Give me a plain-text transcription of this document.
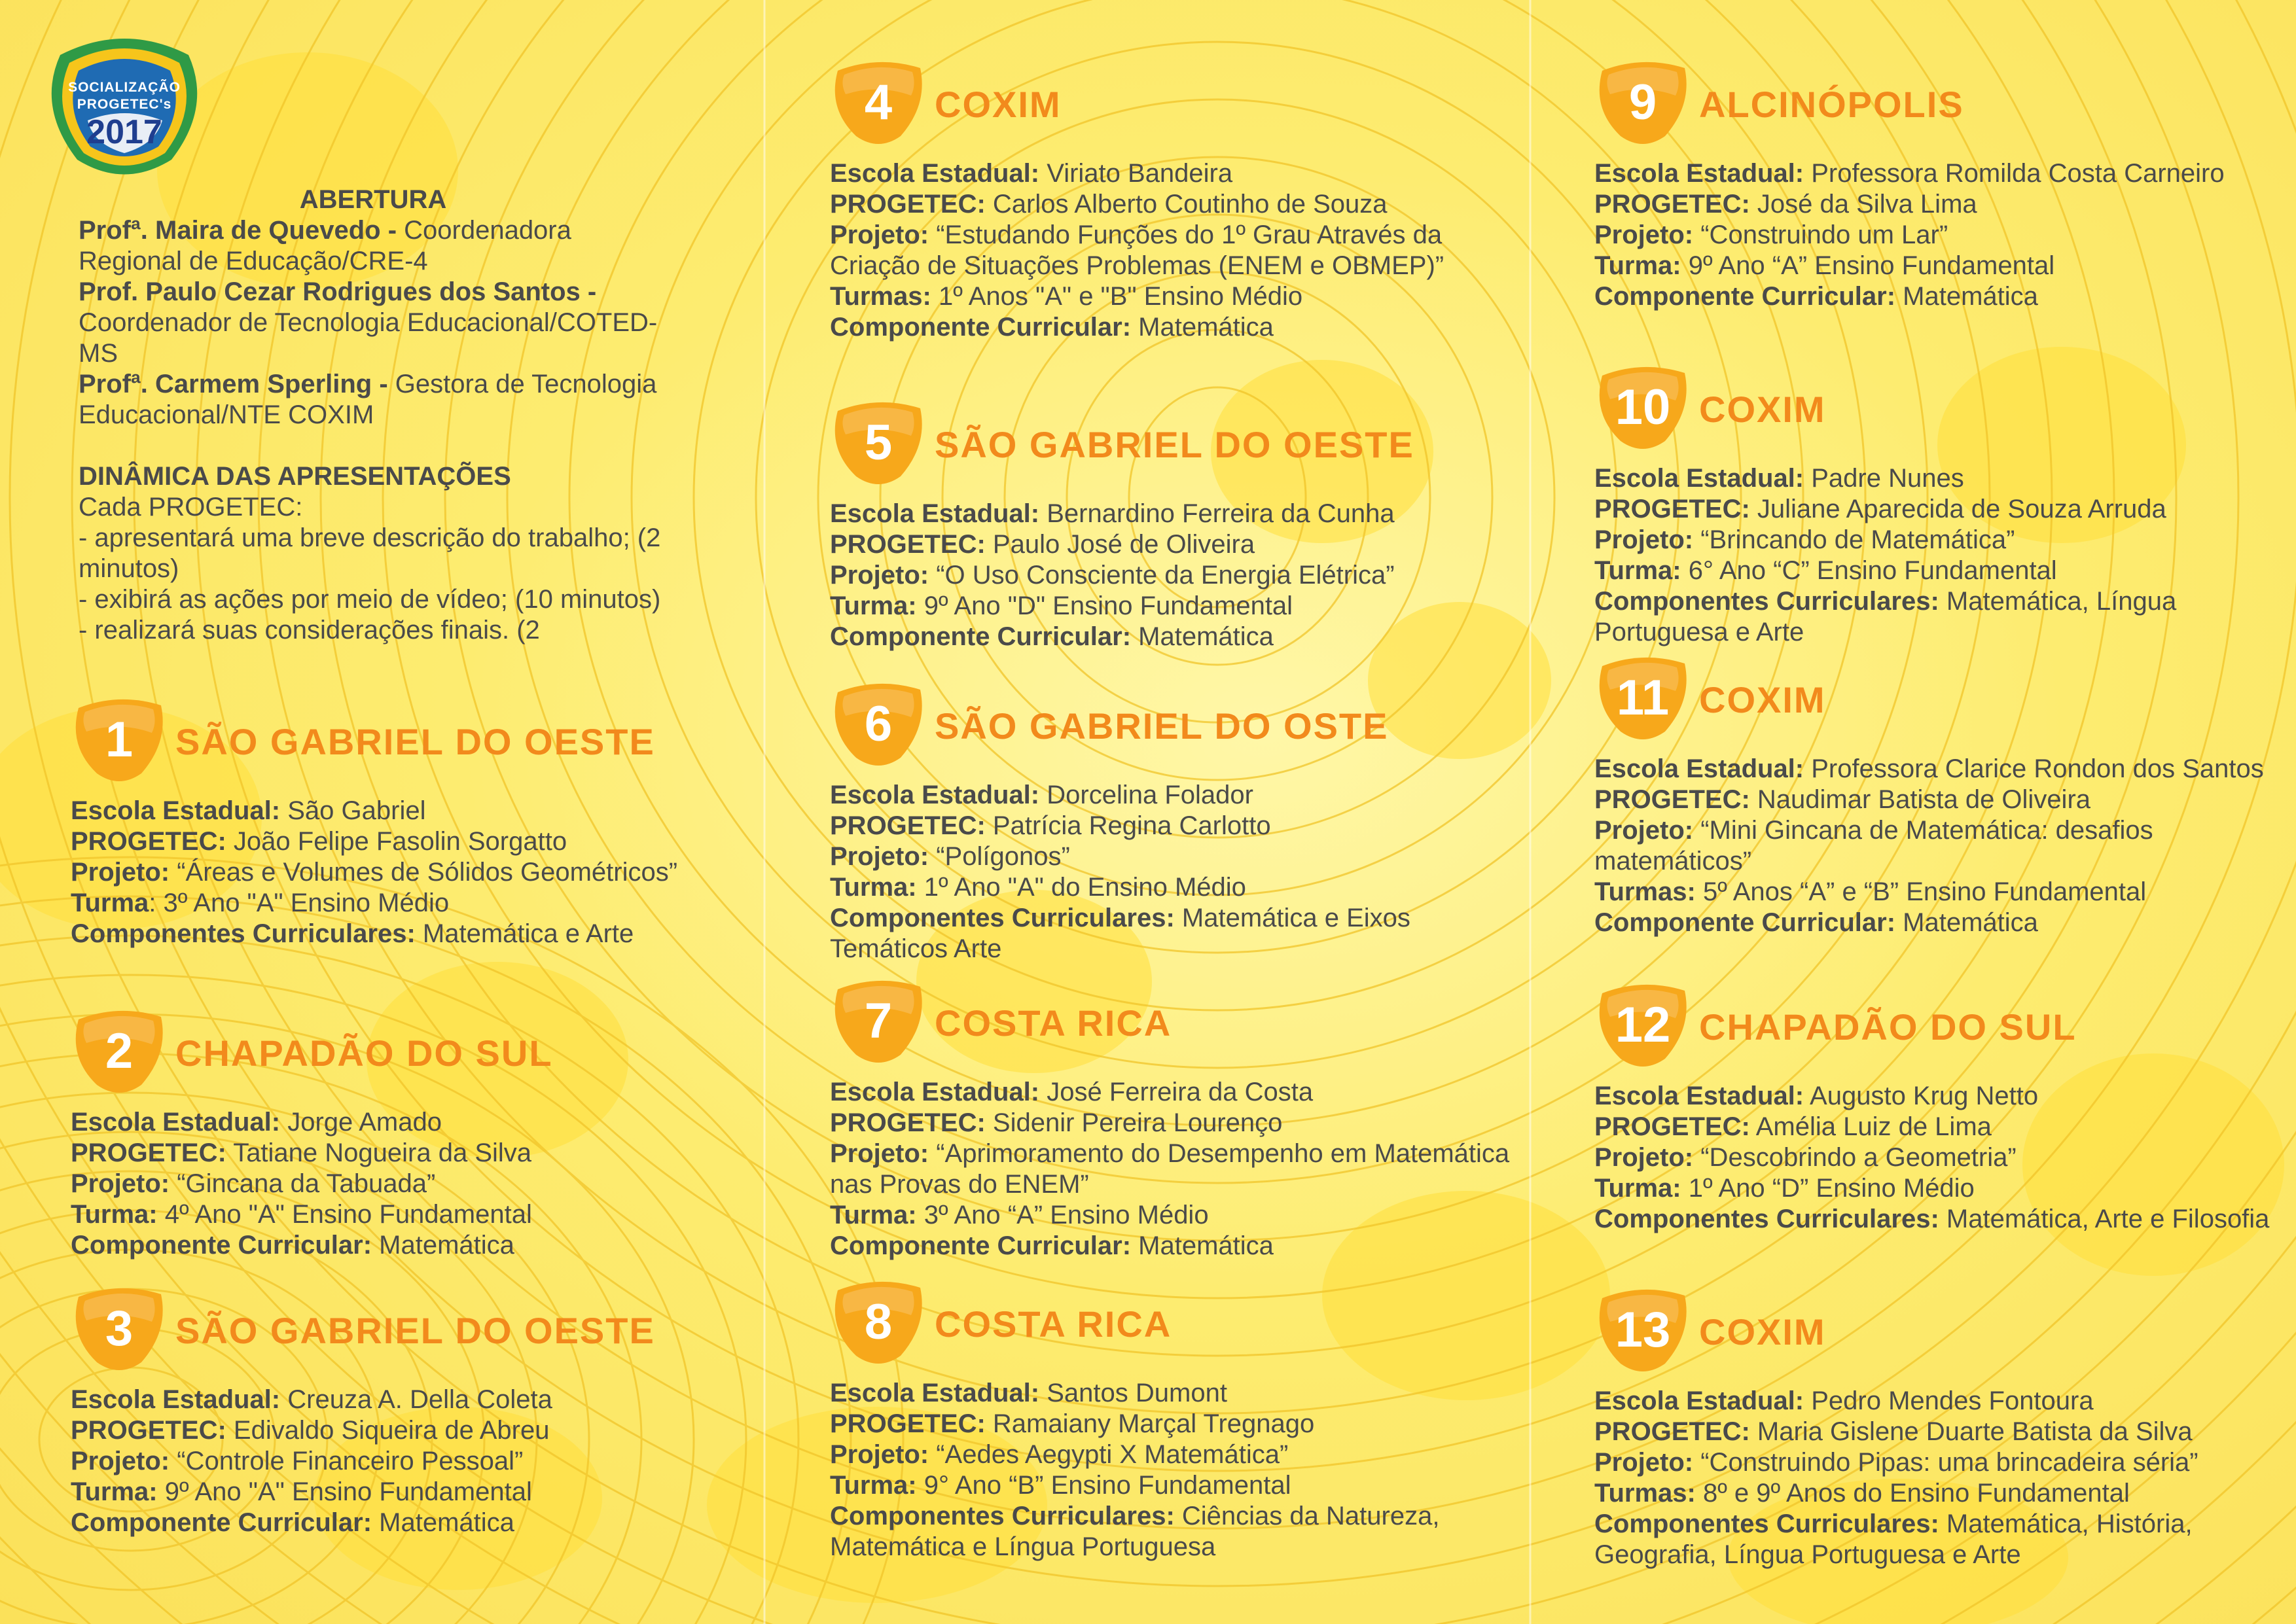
SOCIALIZAÇÃO
PROGETEC's
2017

ABERTURA

Profª. Maira de Quevedo - Coordenadora Regional de Educação/CRE-4

Prof. Paulo Cezar Rodrigues dos Santos - Coordenador de Tecnologia Educacional/COTED-MS

Profª. Carmem Sperling - Gestora de Tecnologia Educacional/NTE COXIM

DINÂMICA DAS APRESENTAÇÕES

Cada PROGETEC:

- apresentará uma breve descrição do trabalho; (2 minutos)

- exibirá as ações por meio de vídeo; (10 minutos)

- realizará suas considerações finais. (2

1	SÃO GABRIEL DO OESTE

Escola Estadual: São Gabriel

PROGETEC: João Felipe Fasolin Sorgatto

Projeto: “Áreas e Volumes de Sólidos Geométricos”

Turma: 3º Ano "A" Ensino Médio

Componentes Curriculares: Matemática e Arte

2	CHAPADÃO DO SUL

Escola Estadual: Jorge Amado

PROGETEC: Tatiane Nogueira da Silva

Projeto: “Gincana da Tabuada”

Turma: 4º Ano "A" Ensino Fundamental

Componente Curricular: Matemática

3	SÃO GABRIEL DO OESTE

Escola Estadual: Creuza A. Della Coleta

PROGETEC: Edivaldo Siqueira de Abreu

Projeto: “Controle Financeiro Pessoal”

Turma: 9º Ano "A" Ensino Fundamental

Componente Curricular: Matemática

4	COXIM

Escola Estadual: Viriato Bandeira

PROGETEC: Carlos Alberto Coutinho de Souza

Projeto: “Estudando Funções do 1º Grau Através da Criação de Situações Problemas (ENEM e OBMEP)”

Turmas: 1º Anos "A" e "B" Ensino Médio

Componente Curricular: Matemática

5	SÃO GABRIEL DO OESTE

Escola Estadual: Bernardino Ferreira da Cunha

PROGETEC: Paulo José de Oliveira

Projeto: “O Uso Consciente da Energia Elétrica”

Turma: 9º Ano "D" Ensino Fundamental

Componente Curricular: Matemática

6	SÃO GABRIEL DO OSTE

Escola Estadual: Dorcelina Folador

PROGETEC: Patrícia Regina Carlotto

Projeto: “Polígonos”

Turma: 1º Ano "A" do Ensino Médio

Componentes Curriculares: Matemática e Eixos Temáticos Arte

7	COSTA RICA

Escola Estadual: José Ferreira da Costa

PROGETEC: Sidenir Pereira Lourenço

Projeto: “Aprimoramento do Desempenho em Matemática nas Provas do ENEM”

Turma: 3º Ano “A” Ensino Médio

Componente Curricular: Matemática

8	COSTA RICA

Escola Estadual: Santos Dumont

PROGETEC: Ramaiany Marçal Tregnago

Projeto: “Aedes Aegypti X Matemática”

Turma: 9° Ano “B” Ensino Fundamental

Componentes Curriculares: Ciências da Natureza, Matemática e Língua Portuguesa

9	ALCINÓPOLIS

Escola Estadual: Professora Romilda Costa Carneiro

PROGETEC: José da Silva Lima

Projeto: “Construindo um Lar”

Turma: 9º Ano “A” Ensino Fundamental

Componente Curricular: Matemática

10 COXIM

Escola Estadual: Padre Nunes

PROGETEC: Juliane Aparecida de Souza Arruda

Projeto: “Brincando de Matemática”

Turma: 6° Ano “C” Ensino Fundamental

Componentes Curriculares: Matemática, Língua Portuguesa e Arte

11 COXIM

Escola Estadual: Professora Clarice Rondon dos Santos

PROGETEC: Naudimar Batista de Oliveira

Projeto: “Mini Gincana de Matemática: desafios matemáticos”

Turmas: 5º Anos “A” e “B” Ensino Fundamental

Componente Curricular: Matemática

12 CHAPADÃO DO SUL

Escola Estadual: Augusto Krug Netto

PROGETEC: Amélia Luiz de Lima

Projeto: “Descobrindo a Geometria”

Turma: 1º Ano “D” Ensino Médio

Componentes Curriculares: Matemática, Arte e Filosofia

13 COXIM

Escola Estadual: Pedro Mendes Fontoura

PROGETEC: Maria Gislene Duarte Batista da Silva

Projeto: “Construindo Pipas: uma brincadeira séria”

Turmas: 8º e 9º Anos do Ensino Fundamental

Componentes Curriculares: Matemática, História, Geografia, Língua Portuguesa e Arte
